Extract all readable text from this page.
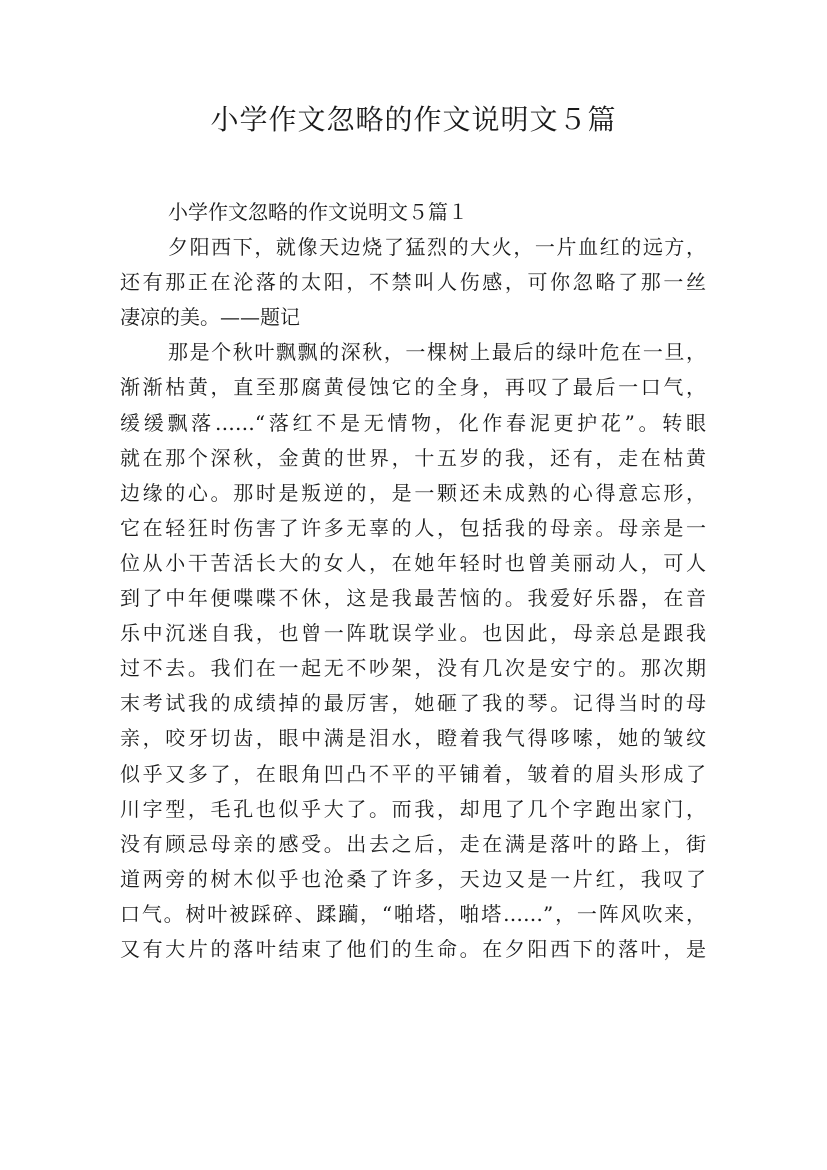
小学作文忽略的作文说明文５篇

小学作文忽略的作文说明文５篇１

夕阳西下，就像天边烧了猛烈的大火，一片血红的远方，
还有那正在沦落的太阳，不禁叫人伤感，可你忽略了那一丝
凄凉的美。——题记

那是个秋叶飘飘的深秋，一棵树上最后的绿叶危在一旦，
渐渐枯黄，直至那腐黄侵蚀它的全身，再叹了最后一口气，
缓缓飘落……“落红不是无情物，化作春泥更护花”。转眼
就在那个深秋，金黄的世界，十五岁的我，还有，走在枯黄
边缘的心。那时是叛逆的，是一颗还未成熟的心得意忘形，
它在轻狂时伤害了许多无辜的人，包括我的母亲。母亲是一
位从小干苦活长大的女人，在她年轻时也曾美丽动人，可人
到了中年便喋喋不休，这是我最苦恼的。我爱好乐器，在音
乐中沉迷自我，也曾一阵耽误学业。也因此，母亲总是跟我
过不去。我们在一起无不吵架，没有几次是安宁的。那次期
末考试我的成绩掉的最厉害，她砸了我的琴。记得当时的母
亲，咬牙切齿，眼中满是泪水，瞪着我气得哆嗦，她的皱纹
似乎又多了，在眼角凹凸不平的平铺着，皱着的眉头形成了
川字型，毛孔也似乎大了。而我，却甩了几个字跑出家门，
没有顾忌母亲的感受。出去之后，走在满是落叶的路上，街
道两旁的树木似乎也沧桑了许多，天边又是一片红，我叹了
口气。树叶被踩碎、蹂躏，“啪塔，啪塔……”，一阵风吹来，
又有大片的落叶结束了他们的生命。在夕阳西下的落叶，是
